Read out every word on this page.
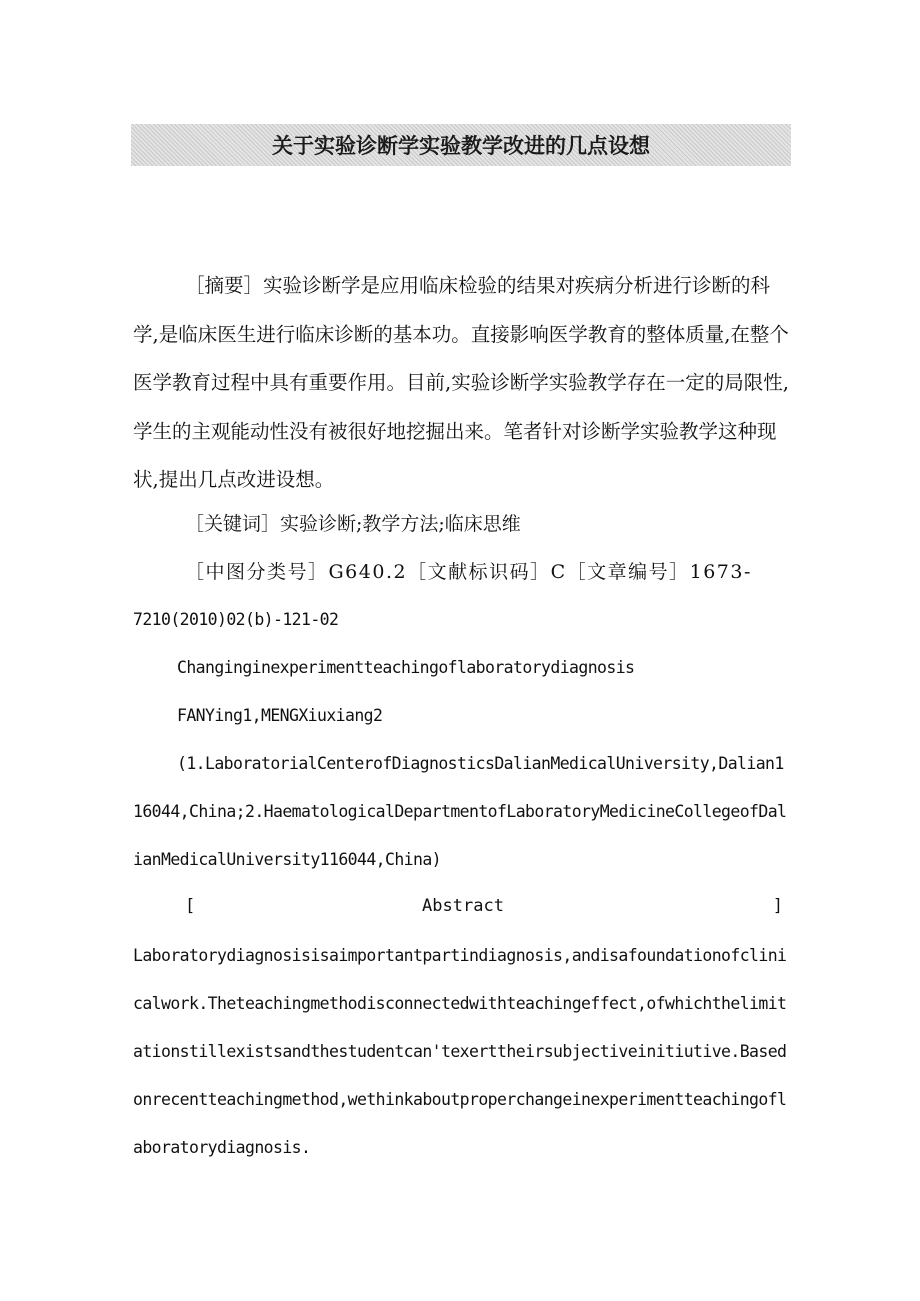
关于实验诊断学实验教学改进的几点设想

［摘要］实验诊断学是应用临床检验的结果对疾病分析进行诊断的科学,是临床医生进行临床诊断的基本功。直接影响医学教育的整体质量,在整个医学教育过程中具有重要作用。目前,实验诊断学实验教学存在一定的局限性,学生的主观能动性没有被很好地挖掘出来。笔者针对诊断学实验教学这种现状,提出几点改进设想。

［关键词］实验诊断;教学方法;临床思维

［中图分类号］G640.2［文献标识码］C［文章编号］1673-

7210(2010)02(b)-121-02

Changinginexperimentteachingoflaboratorydiagnosis

FANYing1,MENGXiuxiang2

(1.LaboratorialCenterofDiagnosticsDalianMedicalUniversity,Dalian116044,China;2.HaematologicalDepartmentofLaboratoryMedicineCollegeofDalianMedicalUniversity116044,China)

[	Abstract	]

Laboratorydiagnosisisaimportantpartindiagnosis,andisafoundationofclinicalwork.Theteachingmethodisconnectedwithteachingeffect,ofwhichthelimitationstillexistsandthestudentcan'texerttheirsubjectiveinitiutive.Basedonrecentteachingmethod,wethinkaboutproperchangeinexperimentteachingoflaboratorydiagnosis.
